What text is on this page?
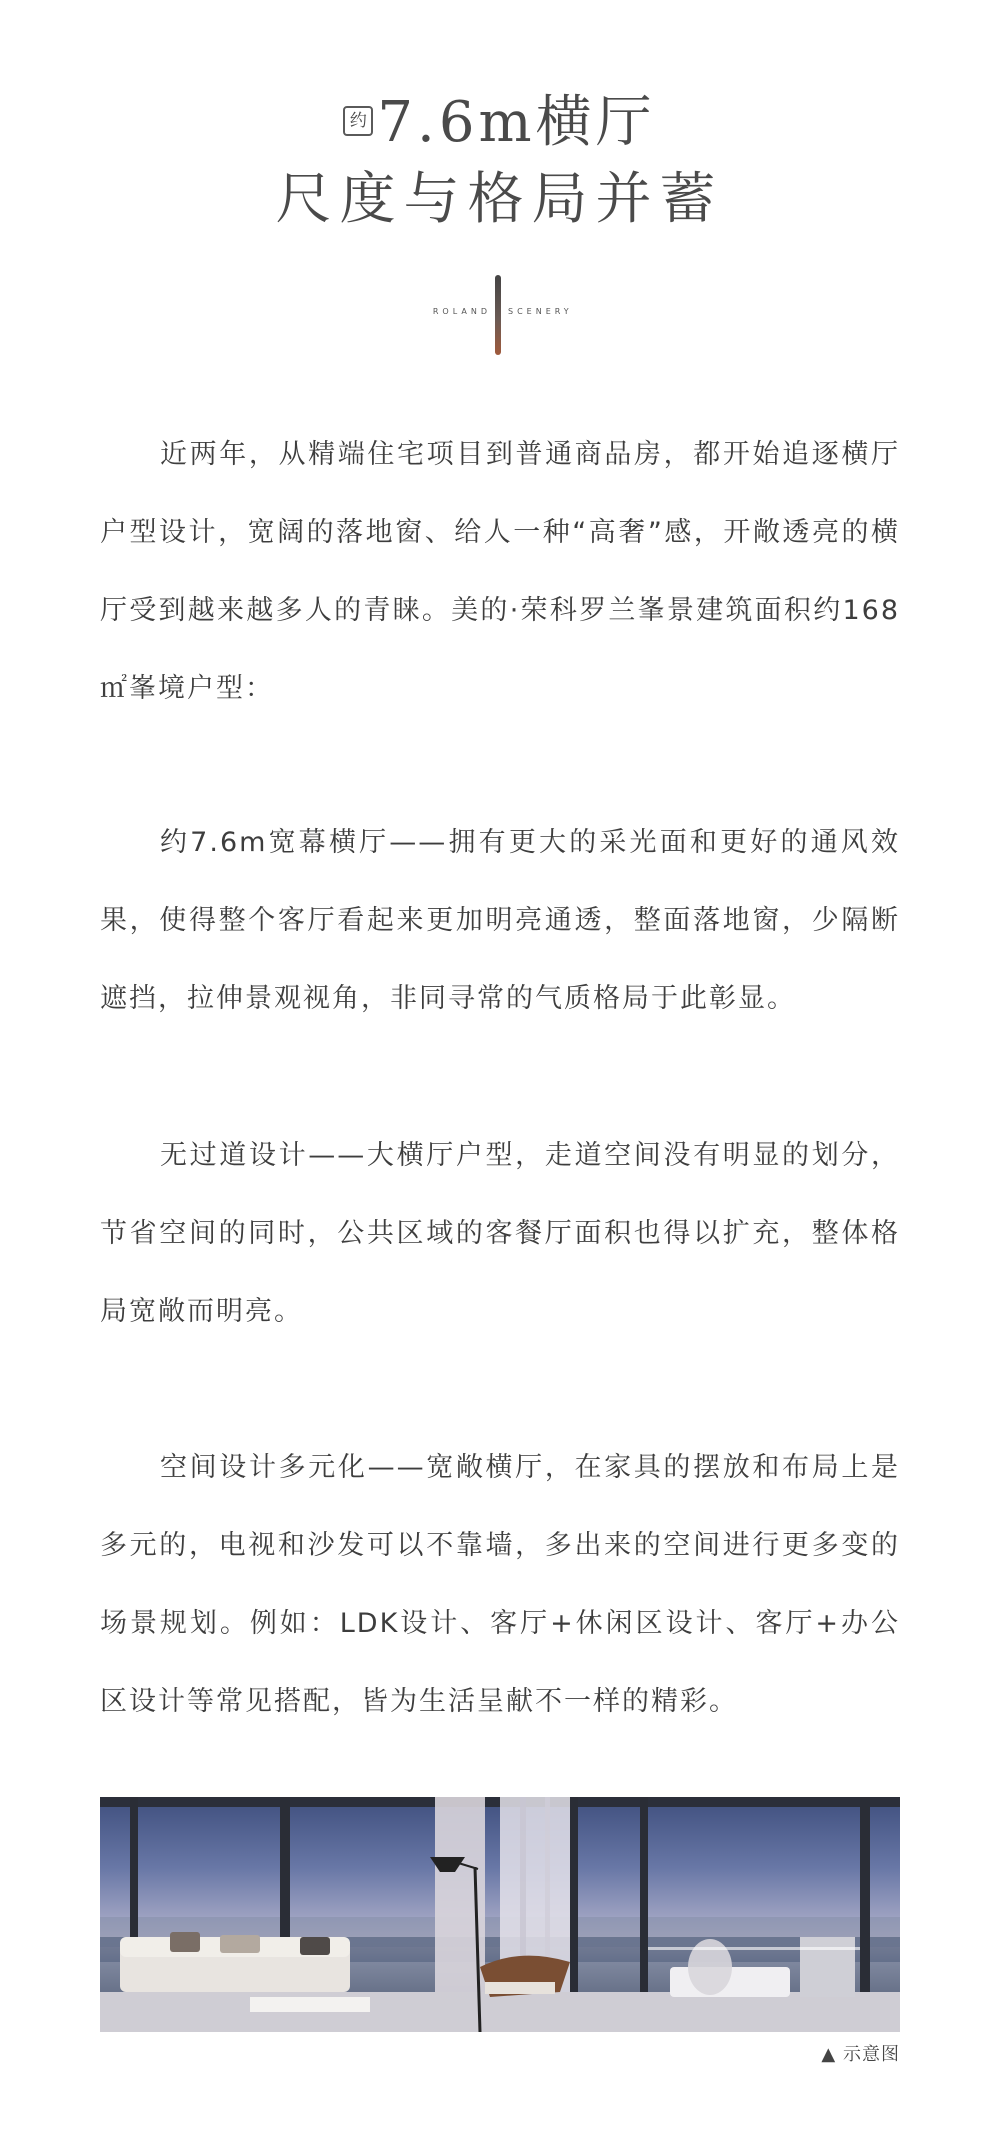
约 7.6m横厅
尺度与格局并蓄
ROLAND SCENERY

近两年，从精端住宅项目到普通商品房，都开始追逐横厅户型设计，宽阔的落地窗、给人一种“高奢”感，开敞透亮的横厅受到越来越多人的青睐。美的·荣科罗兰峯景建筑面积约168㎡峯境户型：

约7.6m宽幕横厅——拥有更大的采光面和更好的通风效果，使得整个客厅看起来更加明亮通透，整面落地窗，少隔断遮挡，拉伸景观视角，非同寻常的气质格局于此彰显。

无过道设计——大横厅户型，走道空间没有明显的划分，节省空间的同时，公共区域的客餐厅面积也得以扩充，整体格局宽敞而明亮。

空间设计多元化——宽敞横厅，在家具的摆放和布局上是多元的，电视和沙发可以不靠墙，多出来的空间进行更多变的场景规划。例如：LDK设计、客厅+休闲区设计、客厅+办公区设计等常见搭配，皆为生活呈献不一样的精彩。

▲ 示意图
